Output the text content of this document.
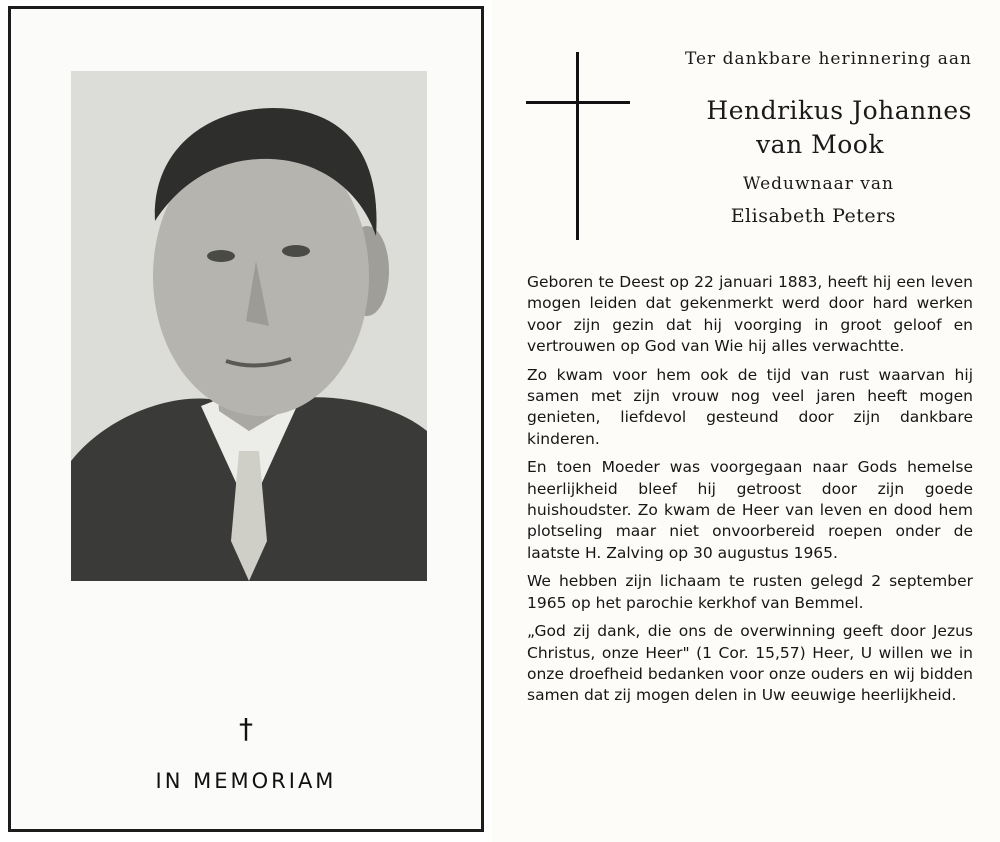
†
IN MEMORIAM
Ter dankbare herinnering aan
Hendrikus Johannes
van Mook
Weduwnaar van
Elisabeth Peters

Geboren te Deest op 22 januari 1883, heeft hij een leven mogen leiden dat gekenmerkt werd door hard werken voor zijn gezin dat hij voorging in groot geloof en vertrouwen op God van Wie hij alles verwachtte.

Zo kwam voor hem ook de tijd van rust waarvan hij samen met zijn vrouw nog veel jaren heeft mogen genieten, liefdevol gesteund door zijn dankbare kinderen.

En toen Moeder was voorgegaan naar Gods hemelse heerlijkheid bleef hij getroost door zijn goede huishoudster. Zo kwam de Heer van leven en dood hem plotseling maar niet onvoorbereid roepen onder de laatste H. Zalving op 30 augustus 1965.

We hebben zijn lichaam te rusten gelegd 2 september 1965 op het parochie kerkhof van Bemmel.

„God zij dank, die ons de overwinning geeft door Jezus Christus, onze Heer" (1 Cor. 15,57) Heer, U willen we in onze droefheid bedanken voor onze ouders en wij bidden samen dat zij mogen delen in Uw eeuwige heerlijkheid.
